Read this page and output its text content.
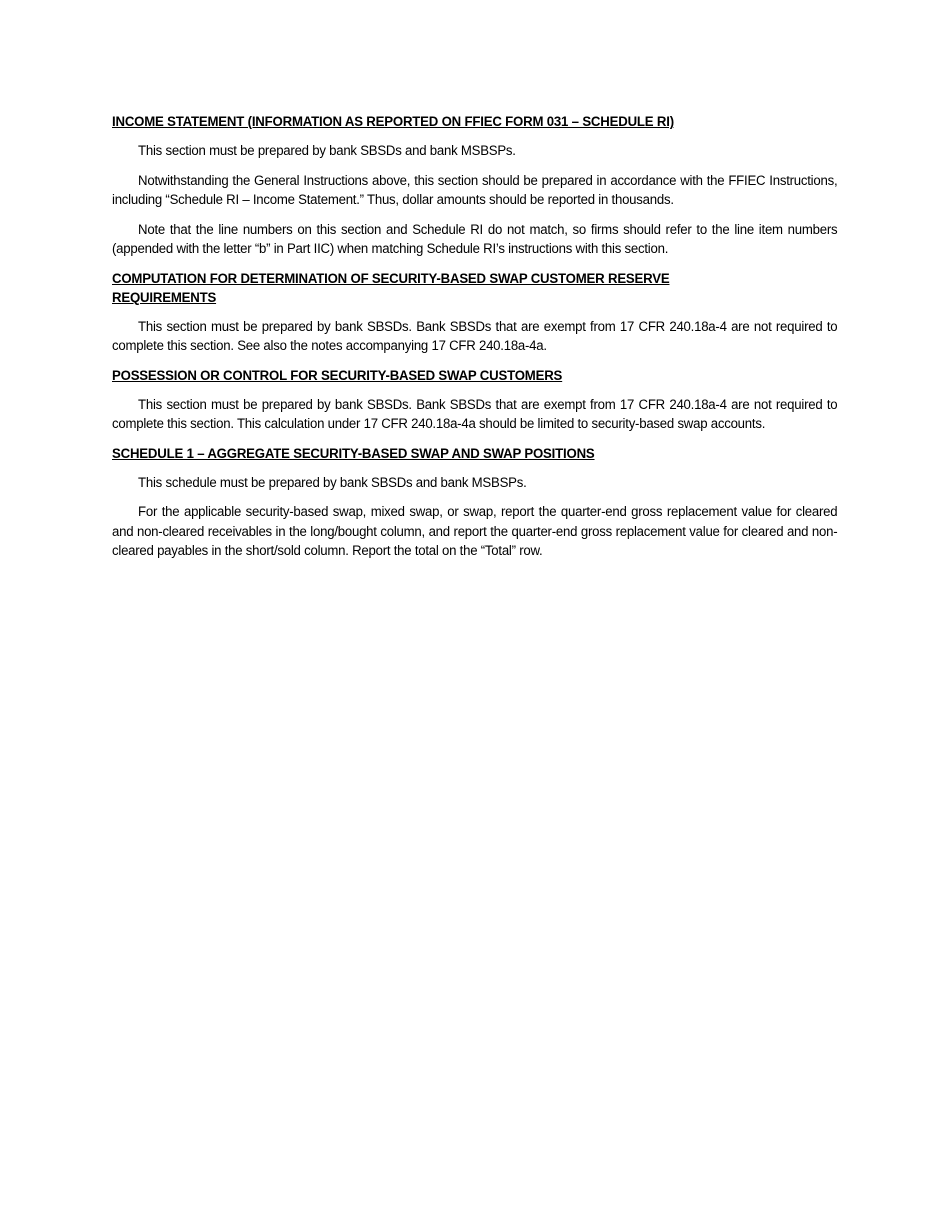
INCOME STATEMENT (INFORMATION AS REPORTED ON FFIEC FORM 031 – SCHEDULE RI)

This section must be prepared by bank SBSDs and bank MSBSPs.

Notwithstanding the General Instructions above, this section should be prepared in accordance with the FFIEC Instructions, including “Schedule RI – Income Statement.” Thus, dollar amounts should be reported in thousands.

Note that the line numbers on this section and Schedule RI do not match, so firms should refer to the line item numbers (appended with the letter “b” in Part IIC) when matching Schedule RI’s instructions with this section.

COMPUTATION FOR DETERMINATION OF SECURITY-BASED SWAP CUSTOMER RESERVE REQUIREMENTS

This section must be prepared by bank SBSDs. Bank SBSDs that are exempt from 17 CFR 240.18a-4 are not required to complete this section. See also the notes accompanying 17 CFR 240.18a-4a.

POSSESSION OR CONTROL FOR SECURITY-BASED SWAP CUSTOMERS

This section must be prepared by bank SBSDs. Bank SBSDs that are exempt from 17 CFR 240.18a-4 are not required to complete this section. This calculation under 17 CFR 240.18a-4a should be limited to security-based swap accounts.

SCHEDULE 1 – AGGREGATE SECURITY-BASED SWAP AND SWAP POSITIONS

This schedule must be prepared by bank SBSDs and bank MSBSPs.

For the applicable security-based swap, mixed swap, or swap, report the quarter-end gross replacement value for cleared and non-cleared receivables in the long/bought column, and report the quarter-end gross replacement value for cleared and non-cleared payables in the short/sold column. Report the total on the “Total” row.
